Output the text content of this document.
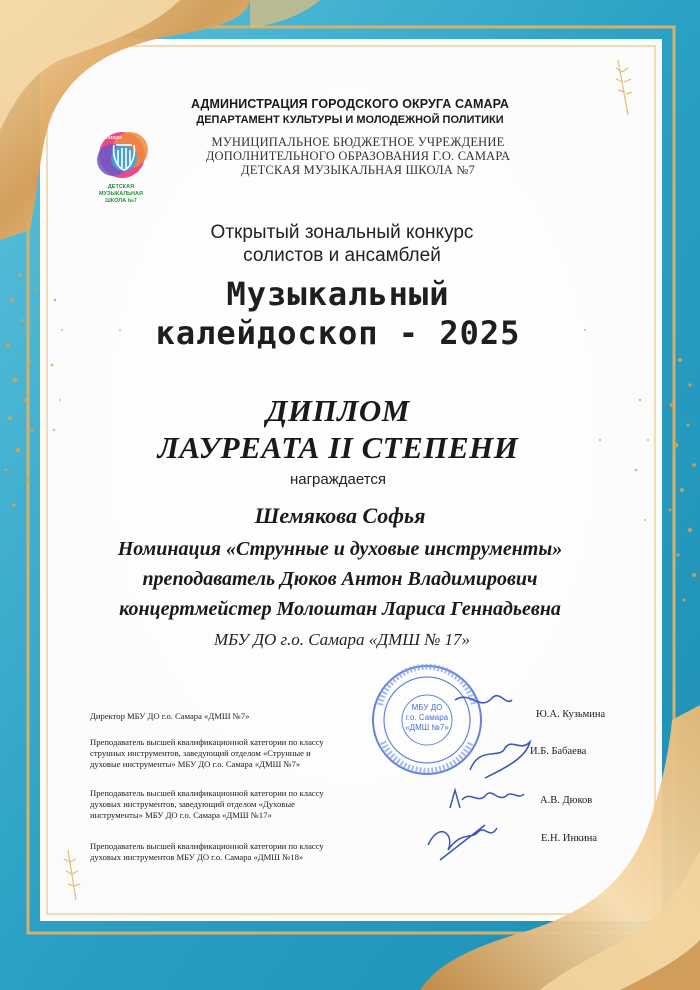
Самара
ДЕТСКАЯ
МУЗЫКАЛЬНАЯ
ШКОЛА №7
АДМИНИСТРАЦИЯ ГОРОДСКОГО ОКРУГА САМАРА
ДЕПАРТАМЕНТ КУЛЬТУРЫ И МОЛОДЕЖНОЙ ПОЛИТИКИ
МУНИЦИПАЛЬНОЕ БЮДЖЕТНОЕ УЧРЕЖДЕНИЕ
ДОПОЛНИТЕЛЬНОГО ОБРАЗОВАНИЯ Г.О. САМАРА
ДЕТСКАЯ МУЗЫКАЛЬНАЯ ШКОЛА №7
Открытый зональный конкурс
солистов и ансамблей
Музыкальный
калейдоскоп - 2025
ДИПЛОМ
ЛАУРЕАТА II СТЕПЕНИ
награждается
Шемякова Софья
Номинация «Струнные и духовые инструменты»
преподаватель Дюков Антон Владимирович
концертмейстер Молоштан Лариса Геннадьевна
МБУ ДО г.о. Самара «ДМШ № 17»
МБУ ДО
г.о. Самара
«ДМШ №7»
Директор МБУ ДО г.о. Самара «ДМШ №7»	Ю.А. Кузьмина
Преподаватель высшей квалификационной категории по классу
струнных инструментов, заведующий отделом «Струнные и
духовые инструменты» МБУ ДО г.о. Самара «ДМШ №7»
И.Б. Бабаева
Преподаватель высшей квалификационной категории по классу
духовых инструментов, заведующий отделом «Духовые
инструменты» МБУ ДО г.о. Самара «ДМШ №17»
А.В. Дюков
Преподаватель высшей квалификационной категории по классу
духовых инструментов МБУ ДО г.о. Самара «ДМШ №18»
Е.Н. Инкина
